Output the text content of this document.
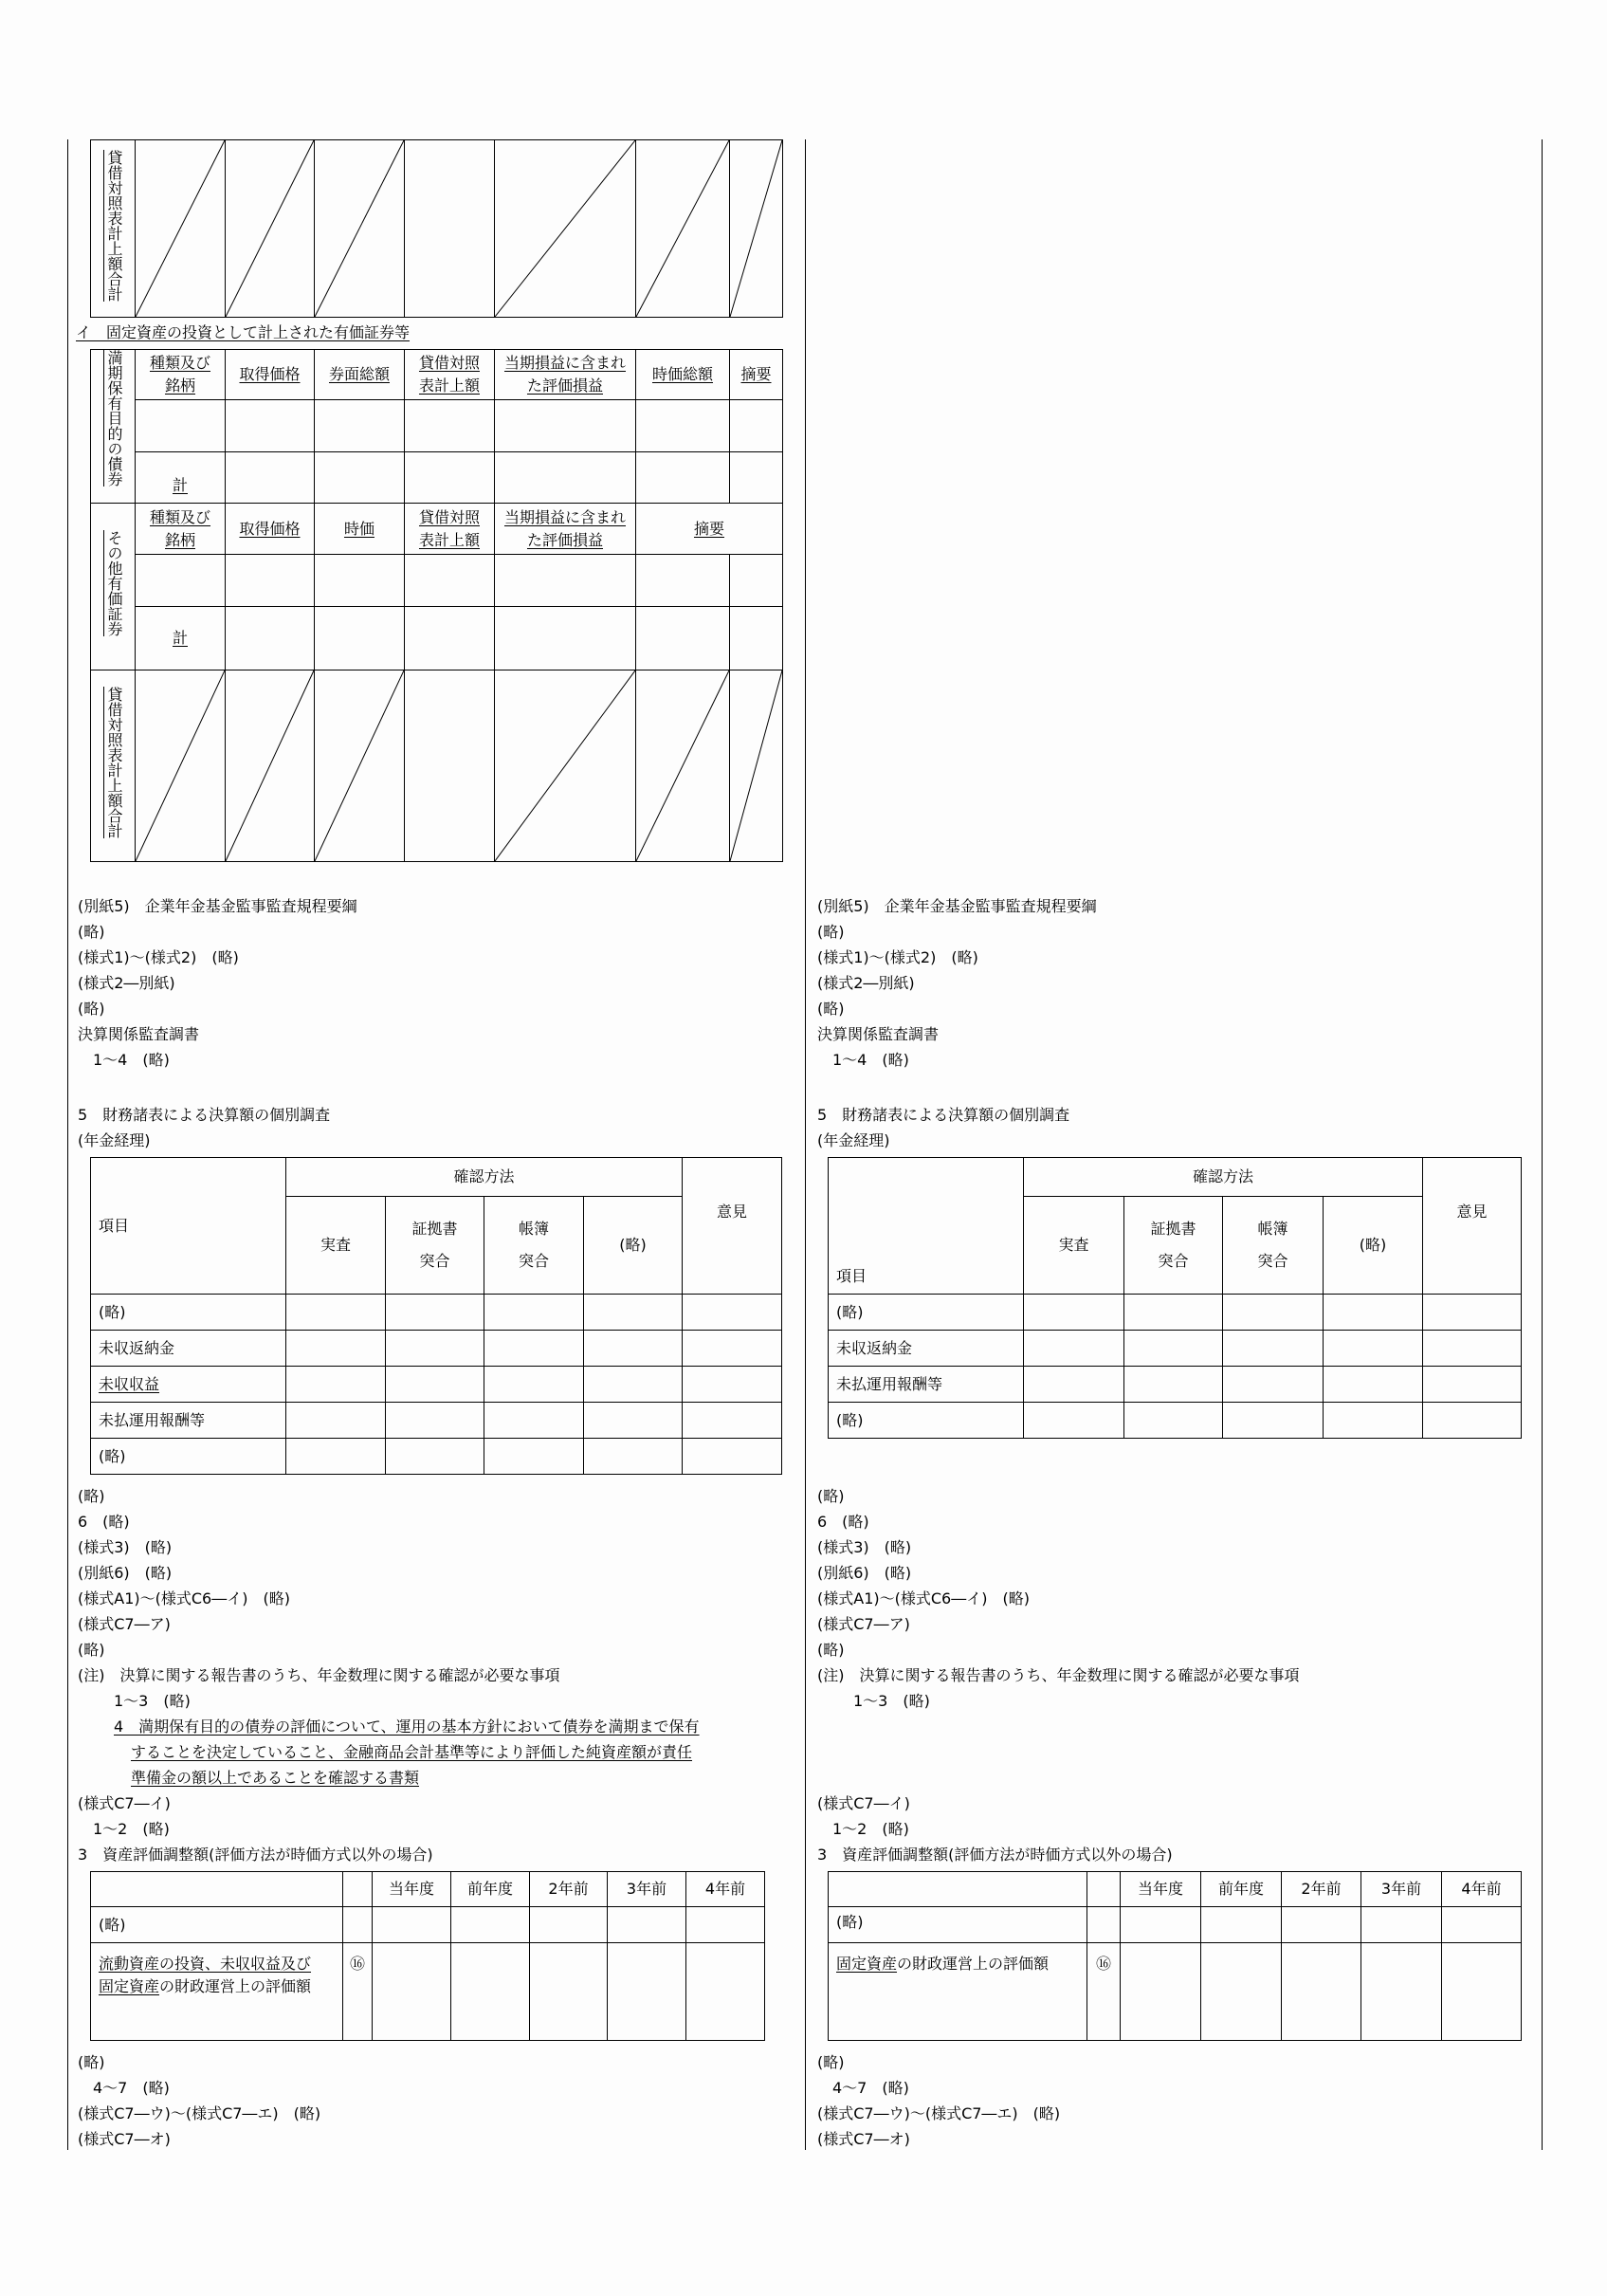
貸借対照表計上額合計	

イ　固定資産の投資として計上された有価証券等
満期保有目的の債券	種類及び銘柄	取得価格	券面総額	貸借対照表計上額	当期損益に含まれた評価損益	時価総額	摘要

	計						
その他有価証券	種類及び銘柄	取得価格	時価	貸借対照表計上額	当期損益に含まれた評価損益	摘要	

	計						
貸借対照表計上額合計	

(別紙5)　企業年金基金監事監査規程要綱
(略)
(様式1)～(様式2)　(略)
(様式2―別紙)
(略)
決算関係監査調書
　1～4　(略)
5　財務諸表による決算額の個別調査
(年金経理)
項目	確認方法				意見
	実査	証拠書突合	帳簿突合	(略)	
(略)					
未収返納金					
未収収益					
未払運用報酬等					
(略)					
(略)
6　(略)
(様式3)　(略)
(別紙6)　(略)
(様式A1)～(様式C6―イ)　(略)
(様式C7―ア)
(略)
(注)　決算に関する報告書のうち、年金数理に関する確認が必要な事項
1～3　(略)
4　満期保有目的の債券の評価について、運用の基本方針において債券を満期まで保有
することを決定していること、金融商品会計基準等により評価した純資産額が責任
準備金の額以上であることを確認する書類
(様式C7―イ)
　1～2　(略)
3　資産評価調整額(評価方法が時価方式以外の場合)
		当年度	前年度	2年前	3年前	4年前
(略)						
流動資産の投資、未収収益及び
固定資産の財政運営上の評価額	⑯					
(略)
　4～7　(略)
(様式C7―ウ)～(様式C7―エ)　(略)
(様式C7―オ)
(別紙5)　企業年金基金監事監査規程要綱
(略)
(様式1)～(様式2)　(略)
(様式2―別紙)
(略)
決算関係監査調書
　1～4　(略)
5　財務諸表による決算額の個別調査
(年金経理)
項目	確認方法				意見
	実査	証拠書突合	帳簿突合	(略)	
(略)					
未収返納金					
未払運用報酬等					
(略)					
(略)
6　(略)
(様式3)　(略)
(別紙6)　(略)
(様式A1)～(様式C6―イ)　(略)
(様式C7―ア)
(略)
(注)　決算に関する報告書のうち、年金数理に関する確認が必要な事項
1～3　(略)
(様式C7―イ)
　1～2　(略)
3　資産評価調整額(評価方法が時価方式以外の場合)
		当年度	前年度	2年前	3年前	4年前
(略)						
固定資産の財政運営上の評価額	⑯					
(略)
　4～7　(略)
(様式C7―ウ)～(様式C7―エ)　(略)
(様式C7―オ)
